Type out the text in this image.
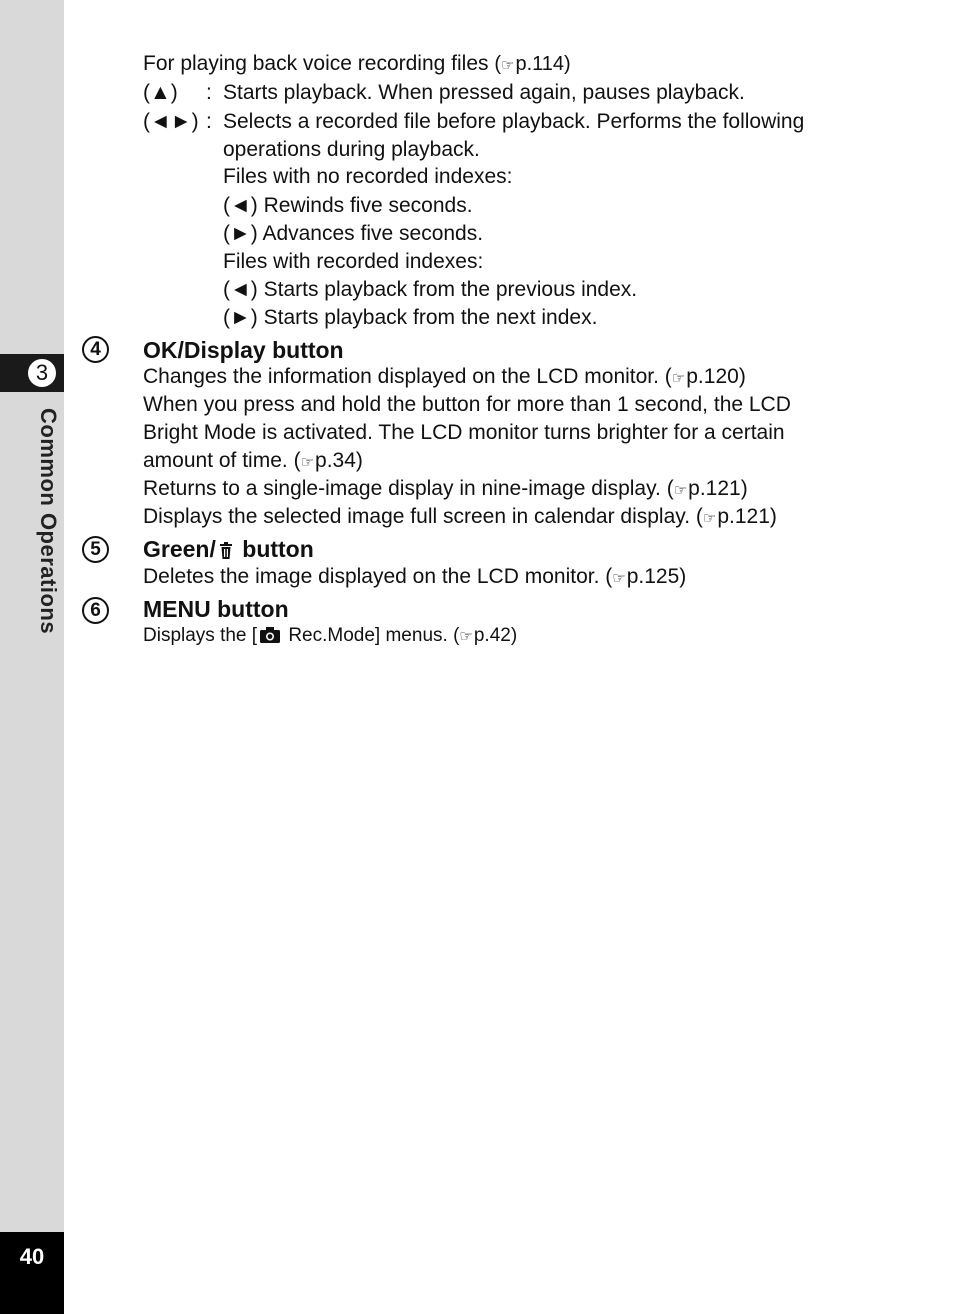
3
Common Operations
40
For playing back voice recording files (☞p.114)
(▲) : Starts playback. When pressed again, pauses playback.
(◄►) : Selects a recorded file before playback. Performs the following
operations during playback.
Files with no recorded indexes:
(◄) Rewinds five seconds.
(►) Advances five seconds.
Files with recorded indexes:
(◄) Starts playback from the previous index.
(►) Starts playback from the next index.
4	OK/Display button
Changes the information displayed on the LCD monitor. (☞p.120)
When you press and hold the button for more than 1 second, the LCD
Bright Mode is activated. The LCD monitor turns brighter for a certain
amount of time. (☞p.34)
Returns to a single-image display in nine-image display. (☞p.121)
Displays the selected image full screen in calendar display. (☞p.121)
5	Green/ button
Deletes the image displayed on the LCD monitor. (☞p.125)
6	MENU button
Displays the [ Rec.Mode] menus. (☞p.42)
